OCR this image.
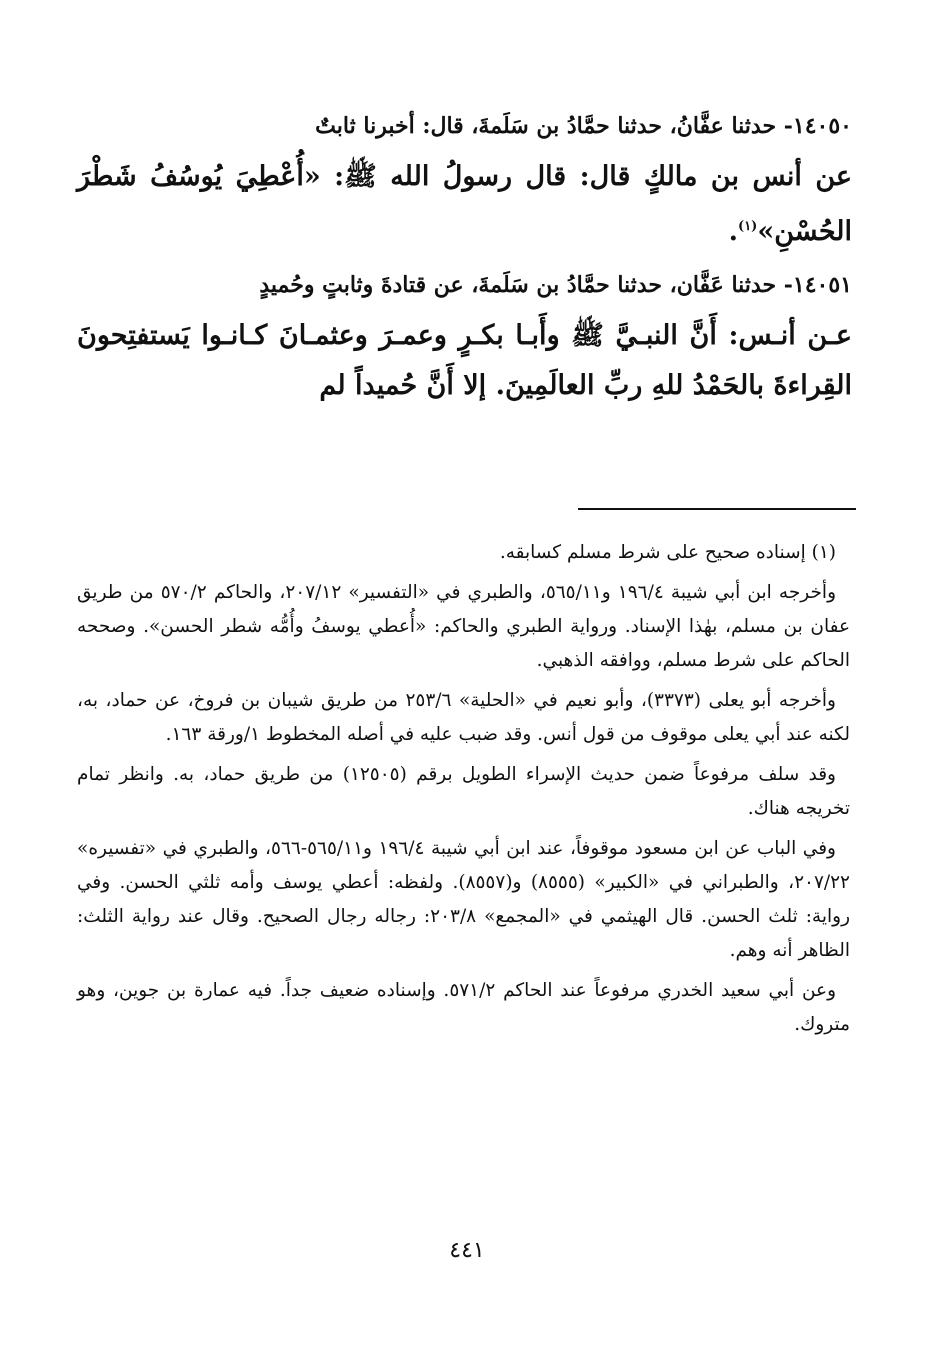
١٤٠٥٠- حدثنا عفَّانُ، حدثنا حمَّادُ بن سَلَمةَ، قال: أخبرنا ثابتٌ
عن أنس بن مالكٍ قال: قال رسولُ الله ﷺ: «أُعْطِيَ يُوسُفُ شَطْرَ الحُسْنِ»$^{(١)}$.
١٤٠٥١- حدثنا عَفَّان، حدثنا حمَّادُ بن سَلَمةَ، عن قتادةَ وثابتٍ وحُميدٍ
عـن أنـس: أَنَّ النبـيَّ ﷺ وأَبـا بكـرٍ وعمـرَ وعثمـانَ كـانـوا يَستفتِحونَ القِراءةَ بالحَمْدُ للهِ ربِّ العالَمِينَ. إلا أَنَّ حُميداً لم

(١) إسناده صحيح على شرط مسلم كسابقه.

وأخرجه ابن أبي شيبة ١٩٦/٤ و٥٦٥/١١، والطبري في «التفسير» ٢٠٧/١٢، والحاكم ٥٧٠/٢ من طريق عفان بن مسلم، بهٰذا الإسناد. ورواية الطبري والحاكم: «أُعطي يوسفُ وأُمُّه شطر الحسن». وصححه الحاكم على شرط مسلم، ووافقه الذهبي.

وأخرجه أبو يعلى (٣٣٧٣)، وأبو نعيم في «الحلية» ٢٥٣/٦ من طريق شيبان بن فروخ، عن حماد، به، لكنه عند أبي يعلى موقوف من قول أنس. وقد ضبب عليه في أصله المخطوط ١/ورقة ١٦٣.

وقد سلف مرفوعاً ضمن حديث الإسراء الطويل برقم (١٢٥٠٥) من طريق حماد، به. وانظر تمام تخريجه هناك.

وفي الباب عن ابن مسعود موقوفاً، عند ابن أبي شيبة ١٩٦/٤ و٥٦٥/١١-٥٦٦، والطبري في «تفسيره» ٢٠٧/٢٢، والطبراني في «الكبير» (٨٥٥٥) و(٨٥٥٧). ولفظه: أعطي يوسف وأمه ثلثي الحسن. وفي رواية: ثلث الحسن. قال الهيثمي في «المجمع» ٢٠٣/٨: رجاله رجال الصحيح. وقال عند رواية الثلث: الظاهر أنه وهم.

وعن أبي سعيد الخدري مرفوعاً عند الحاكم ٥٧١/٢. وإسناده ضعيف جداً. فيه عمارة بن جوين، وهو متروك.

٤٤١
